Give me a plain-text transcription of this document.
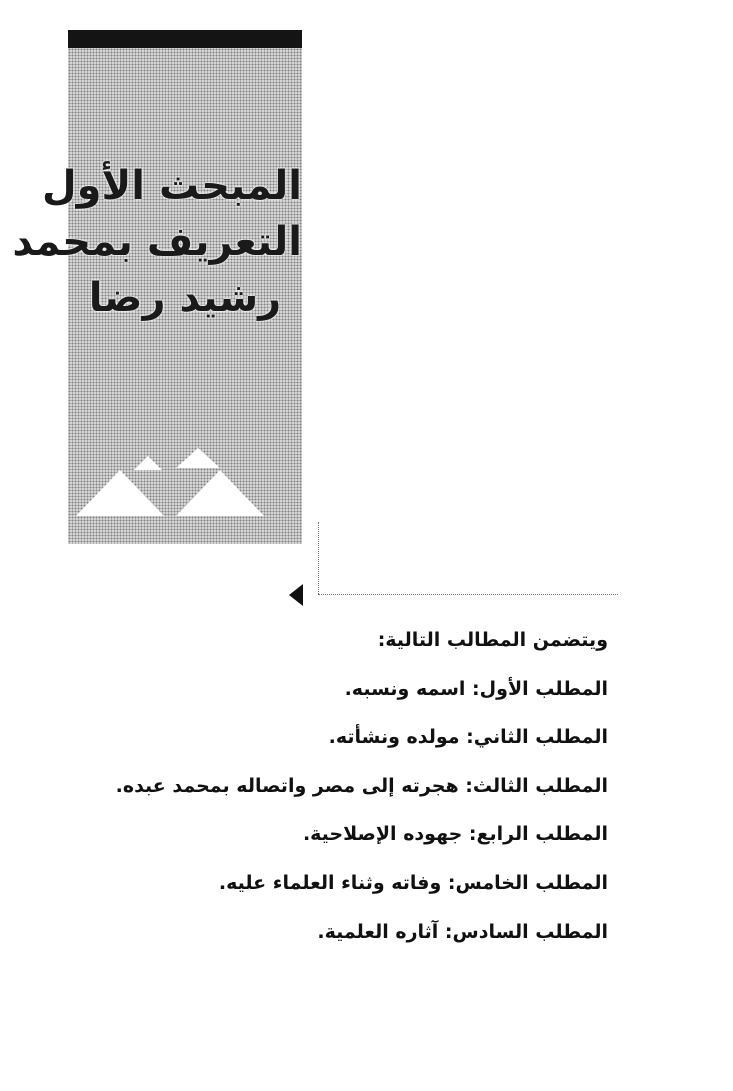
المبحث الأول
التعريف بمحمد
رشيد رضا
ويتضمن المطالب التالية:
المطلب الأول: اسمه ونسبه.
المطلب الثاني: مولده ونشأته.
المطلب الثالث: هجرته إلى مصر واتصاله بمحمد عبده.
المطلب الرابع: جهوده الإصلاحية.
المطلب الخامس: وفاته وثناء العلماء عليه.
المطلب السادس: آثاره العلمية.
